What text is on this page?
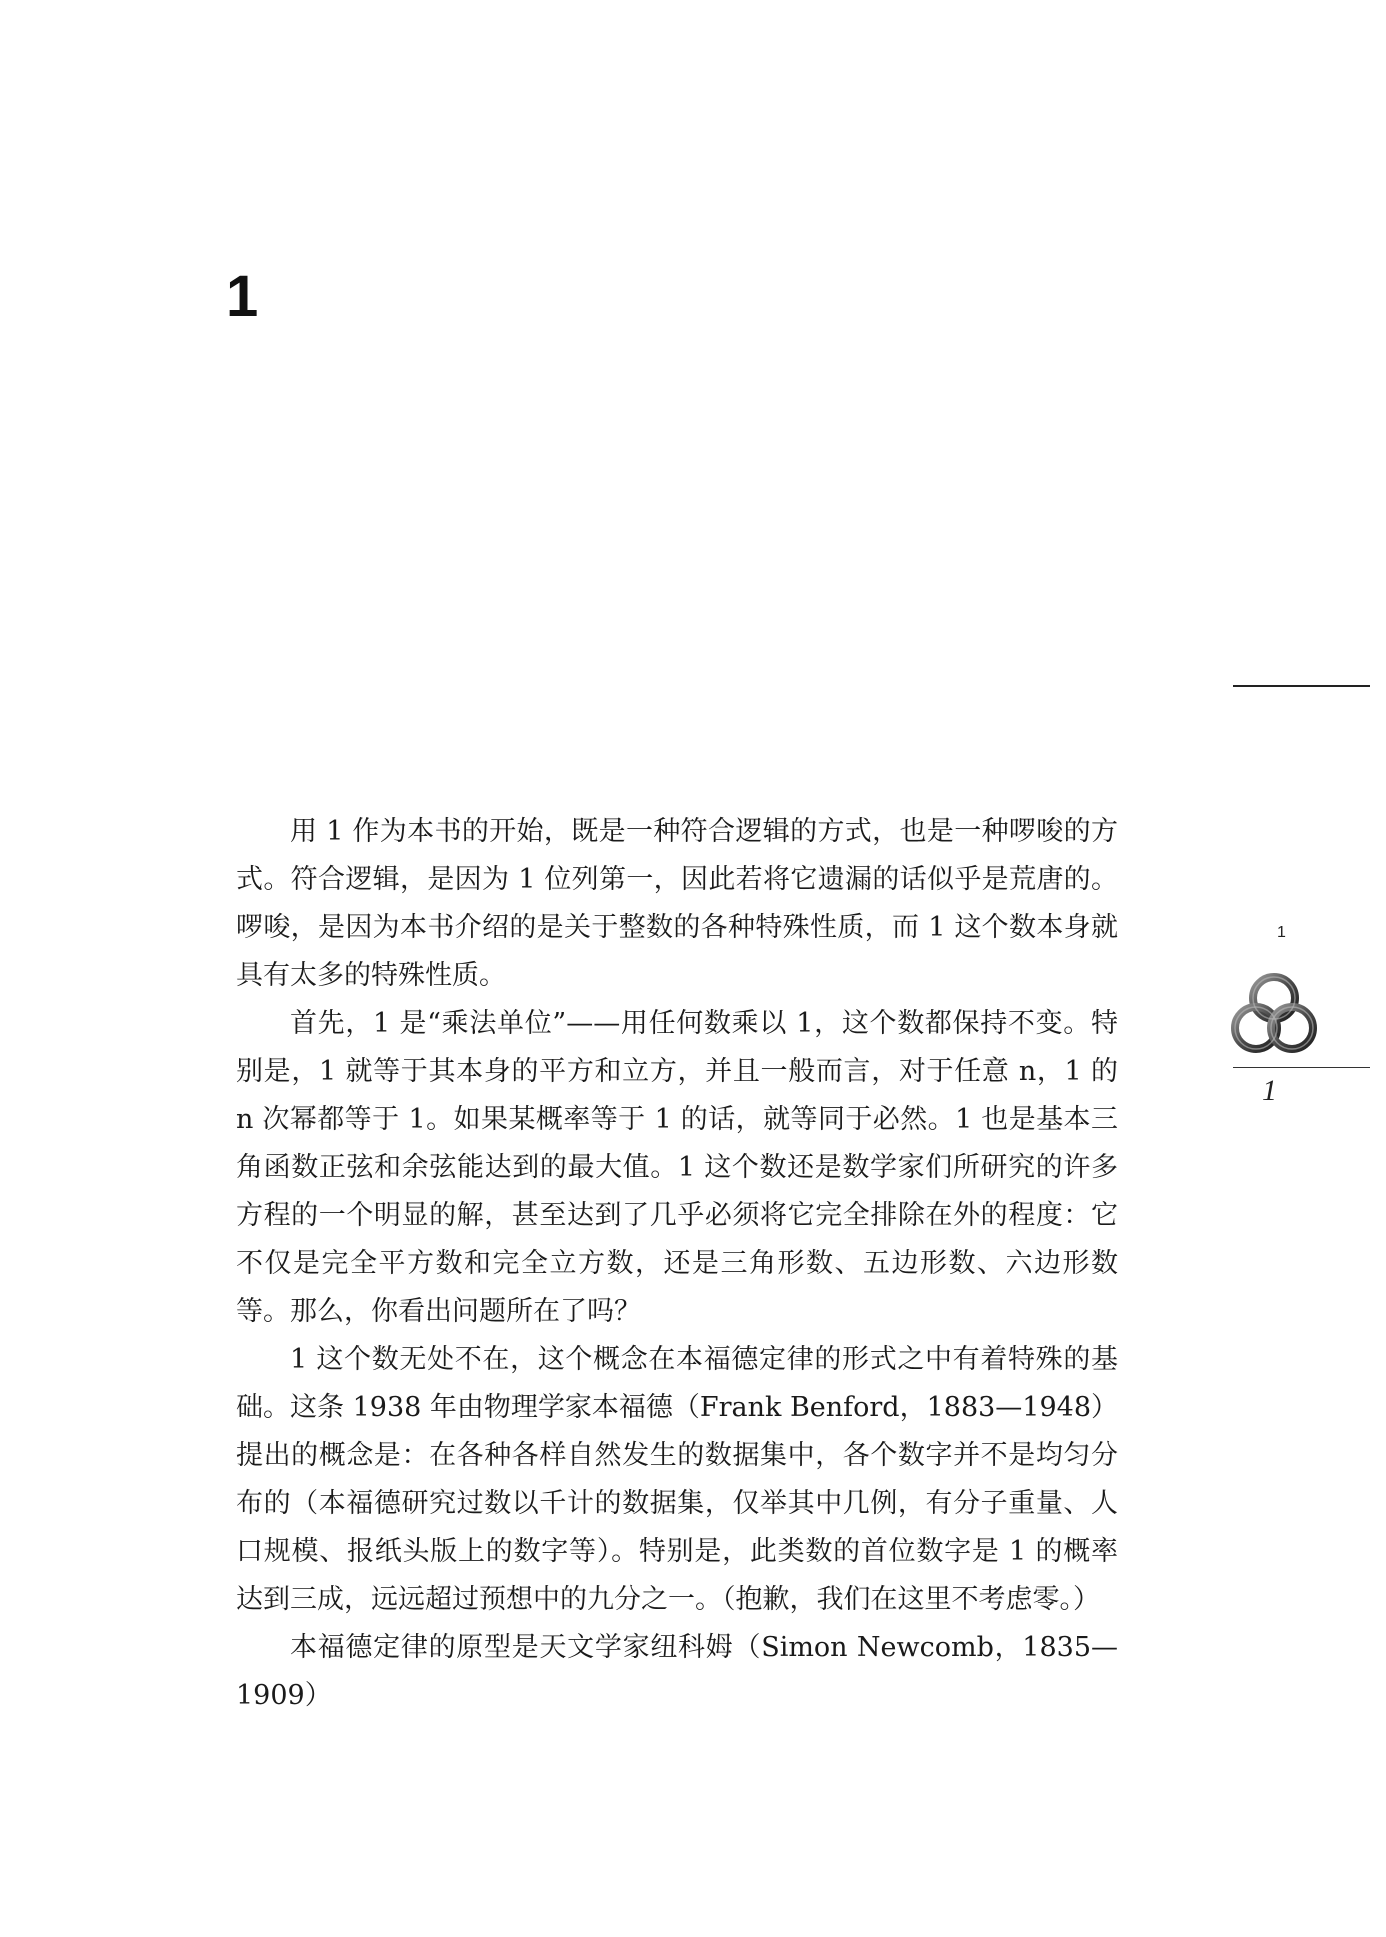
1
1
1

用 1 作为本书的开始，既是一种符合逻辑的方式，也是一种啰唆的方式。符合逻辑，是因为 1 位列第一，因此若将它遗漏的话似乎是荒唐的。啰唆，是因为本书介绍的是关于整数的各种特殊性质，而 1 这个数本身就具有太多的特殊性质。

首先，1 是“乘法单位”——用任何数乘以 1，这个数都保持不变。特别是，1 就等于其本身的平方和立方，并且一般而言，对于任意 n，1 的 n 次幂都等于 1。如果某概率等于 1 的话，就等同于必然。1 也是基本三角函数正弦和余弦能达到的最大值。1 这个数还是数学家们所研究的许多方程的一个明显的解，甚至达到了几乎必须将它完全排除在外的程度：它不仅是完全平方数和完全立方数，还是三角形数、五边形数、六边形数等。那么，你看出问题所在了吗？

1 这个数无处不在，这个概念在本福德定律的形式之中有着特殊的基础。这条 1938 年由物理学家本福德（Frank Benford，1883—1948）提出的概念是：在各种各样自然发生的数据集中，各个数字并不是均匀分布的（本福德研究过数以千计的数据集，仅举其中几例，有分子重量、人口规模、报纸头版上的数字等）。特别是，此类数的首位数字是 1 的概率达到三成，远远超过预想中的九分之一。（抱歉，我们在这里不考虑零。）

本福德定律的原型是天文学家纽科姆（Simon Newcomb，1835—1909）
